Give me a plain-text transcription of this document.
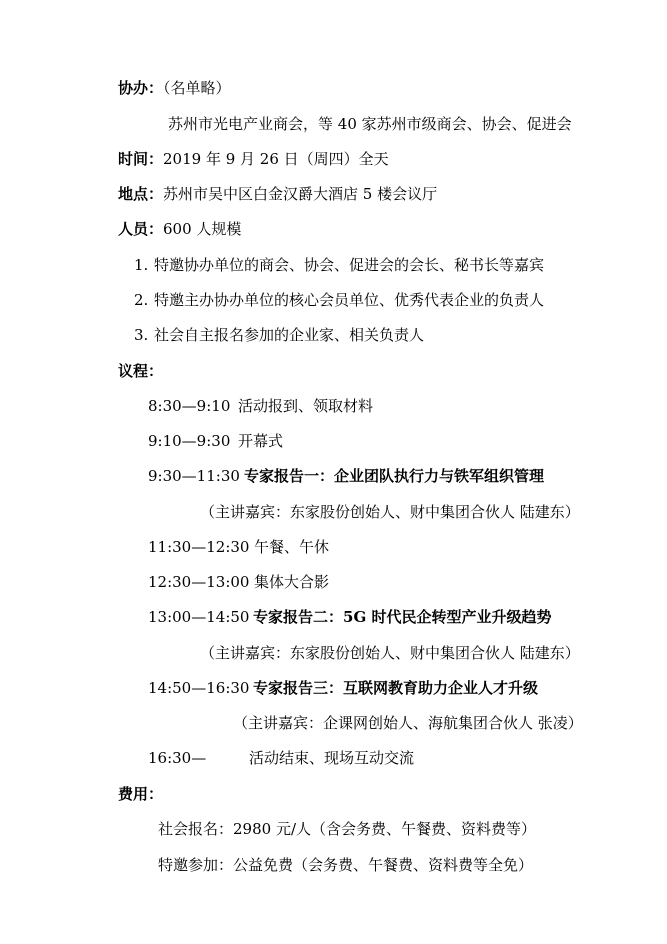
协办：（名单略）
苏州市光电产业商会，等 40 家苏州市级商会、协会、促进会
时间：2019 年 9 月 26 日（周四）全天
地点：苏州市吴中区白金汉爵大酒店 5 楼会议厅
人员：600 人规模
1. 特邀协办单位的商会、协会、促进会的会长、秘书长等嘉宾
2. 特邀主办协办单位的核心会员单位、优秀代表企业的负责人
3. 社会自主报名参加的企业家、相关负责人
议程：
8:30—9:10 活动报到、领取材料
9:10—9:30 开幕式
9:30—11:30 专家报告一：企业团队执行力与铁军组织管理
（主讲嘉宾：东家股份创始人、财中集团合伙人 陆建东）
11:30—12:30 午餐、午休
12:30—13:00 集体大合影
13:00—14:50 专家报告二：5G 时代民企转型产业升级趋势
（主讲嘉宾：东家股份创始人、财中集团合伙人 陆建东）
14:50—16:30 专家报告三：互联网教育助力企业人才升级
（主讲嘉宾：企课网创始人、海航集团合伙人 张凌）
16:30—	活动结束、现场互动交流
费用：
社会报名：2980 元/人（含会务费、午餐费、资料费等）
特邀参加：公益免费（会务费、午餐费、资料费等全免）
